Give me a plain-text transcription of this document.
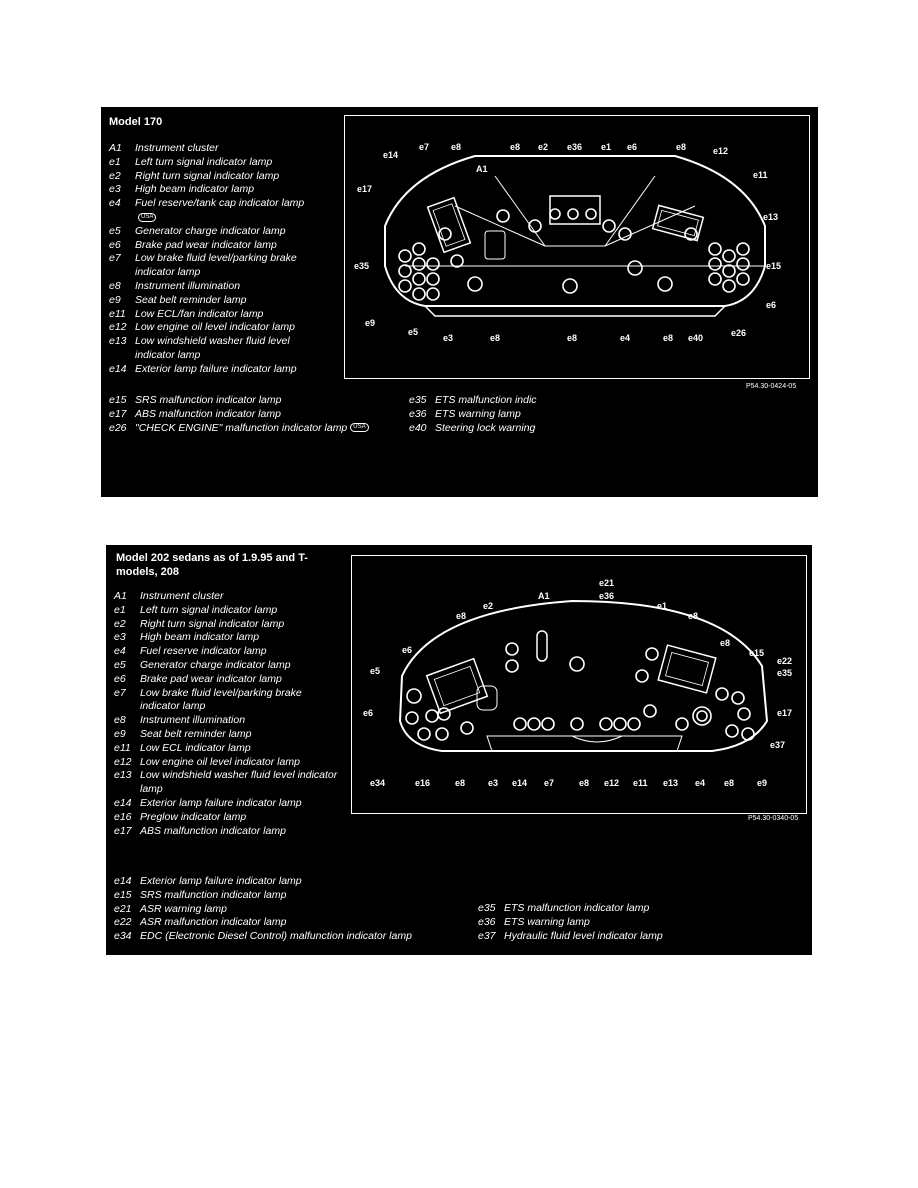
Model 170
A1	Instrument cluster
e1	Left turn signal indicator lamp
e2	Right turn signal indicator lamp
e3	High beam indicator lamp
e4	Fuel reserve/tank cap indicator lampUSA
e5	Generator charge indicator lamp
e6	Brake pad wear indicator lamp
e7	Low brake fluid level/parking brake indicator lamp
e8	Instrument illumination
e9	Seat belt reminder lamp
e11 Low ECL/fan indicator lamp
e12 Low engine oil level indicator lamp
e13 Low windshield washer fluid level indicator lamp
e14 Exterior lamp failure indicator lamp
e14
e7 e8	e8 e2 e36 e1 e6	e8	e12
A1
e11
e17
e13
e35	e15
e6
e9
e5
e3	e8	e8	e4	e8 e40	e26
P54.30-0424-05
e15 SRS malfunction indicator lamp
e17 ABS malfunction indicator lamp
e26 "CHECK ENGINE" malfunction indicator lamp USA
e35 ETS malfunction indic
e36 ETS warning lamp
e40 Steering lock warning
Model 202 sedans as of 1.9.95 and T-models, 208
A1	Instrument cluster
e1	Left turn signal indicator lamp
e2	Right turn signal indicator lamp
e3	High beam indicator lamp
e4	Fuel reserve indicator lamp
e5	Generator charge indicator lamp
e6	Brake pad wear indicator lamp
e7	Low brake fluid level/parking brake indicator lamp
e8	Instrument illumination
e9	Seat belt reminder lamp
e11 Low ECL indicator lamp
e12 Low engine oil level indicator lamp
e13 Low windshield washer fluid level indicator lamp
e14 Exterior lamp failure indicator lamp
e16 Preglow indicator lamp
e17 ABS malfunction indicator lamp
e21
e36
A1
e2	e1
e8	e8
e8
e6	e15
e22
e35
e5
e6	e17
e37
e34	e16	e8	e3 e14 e7	e8 e12 e11 e13 e4 e8	e9
P54.30-0340-05
e14 Exterior lamp failure indicator lamp
e15 SRS malfunction indicator lamp
e21 ASR warning lamp
e22 ASR malfunction indicator lamp
e34 EDC (Electronic Diesel Control) malfunction indicator lamp
e35 ETS malfunction indicator lamp
e36 ETS warning lamp
e37 Hydraulic fluid level indicator lamp
